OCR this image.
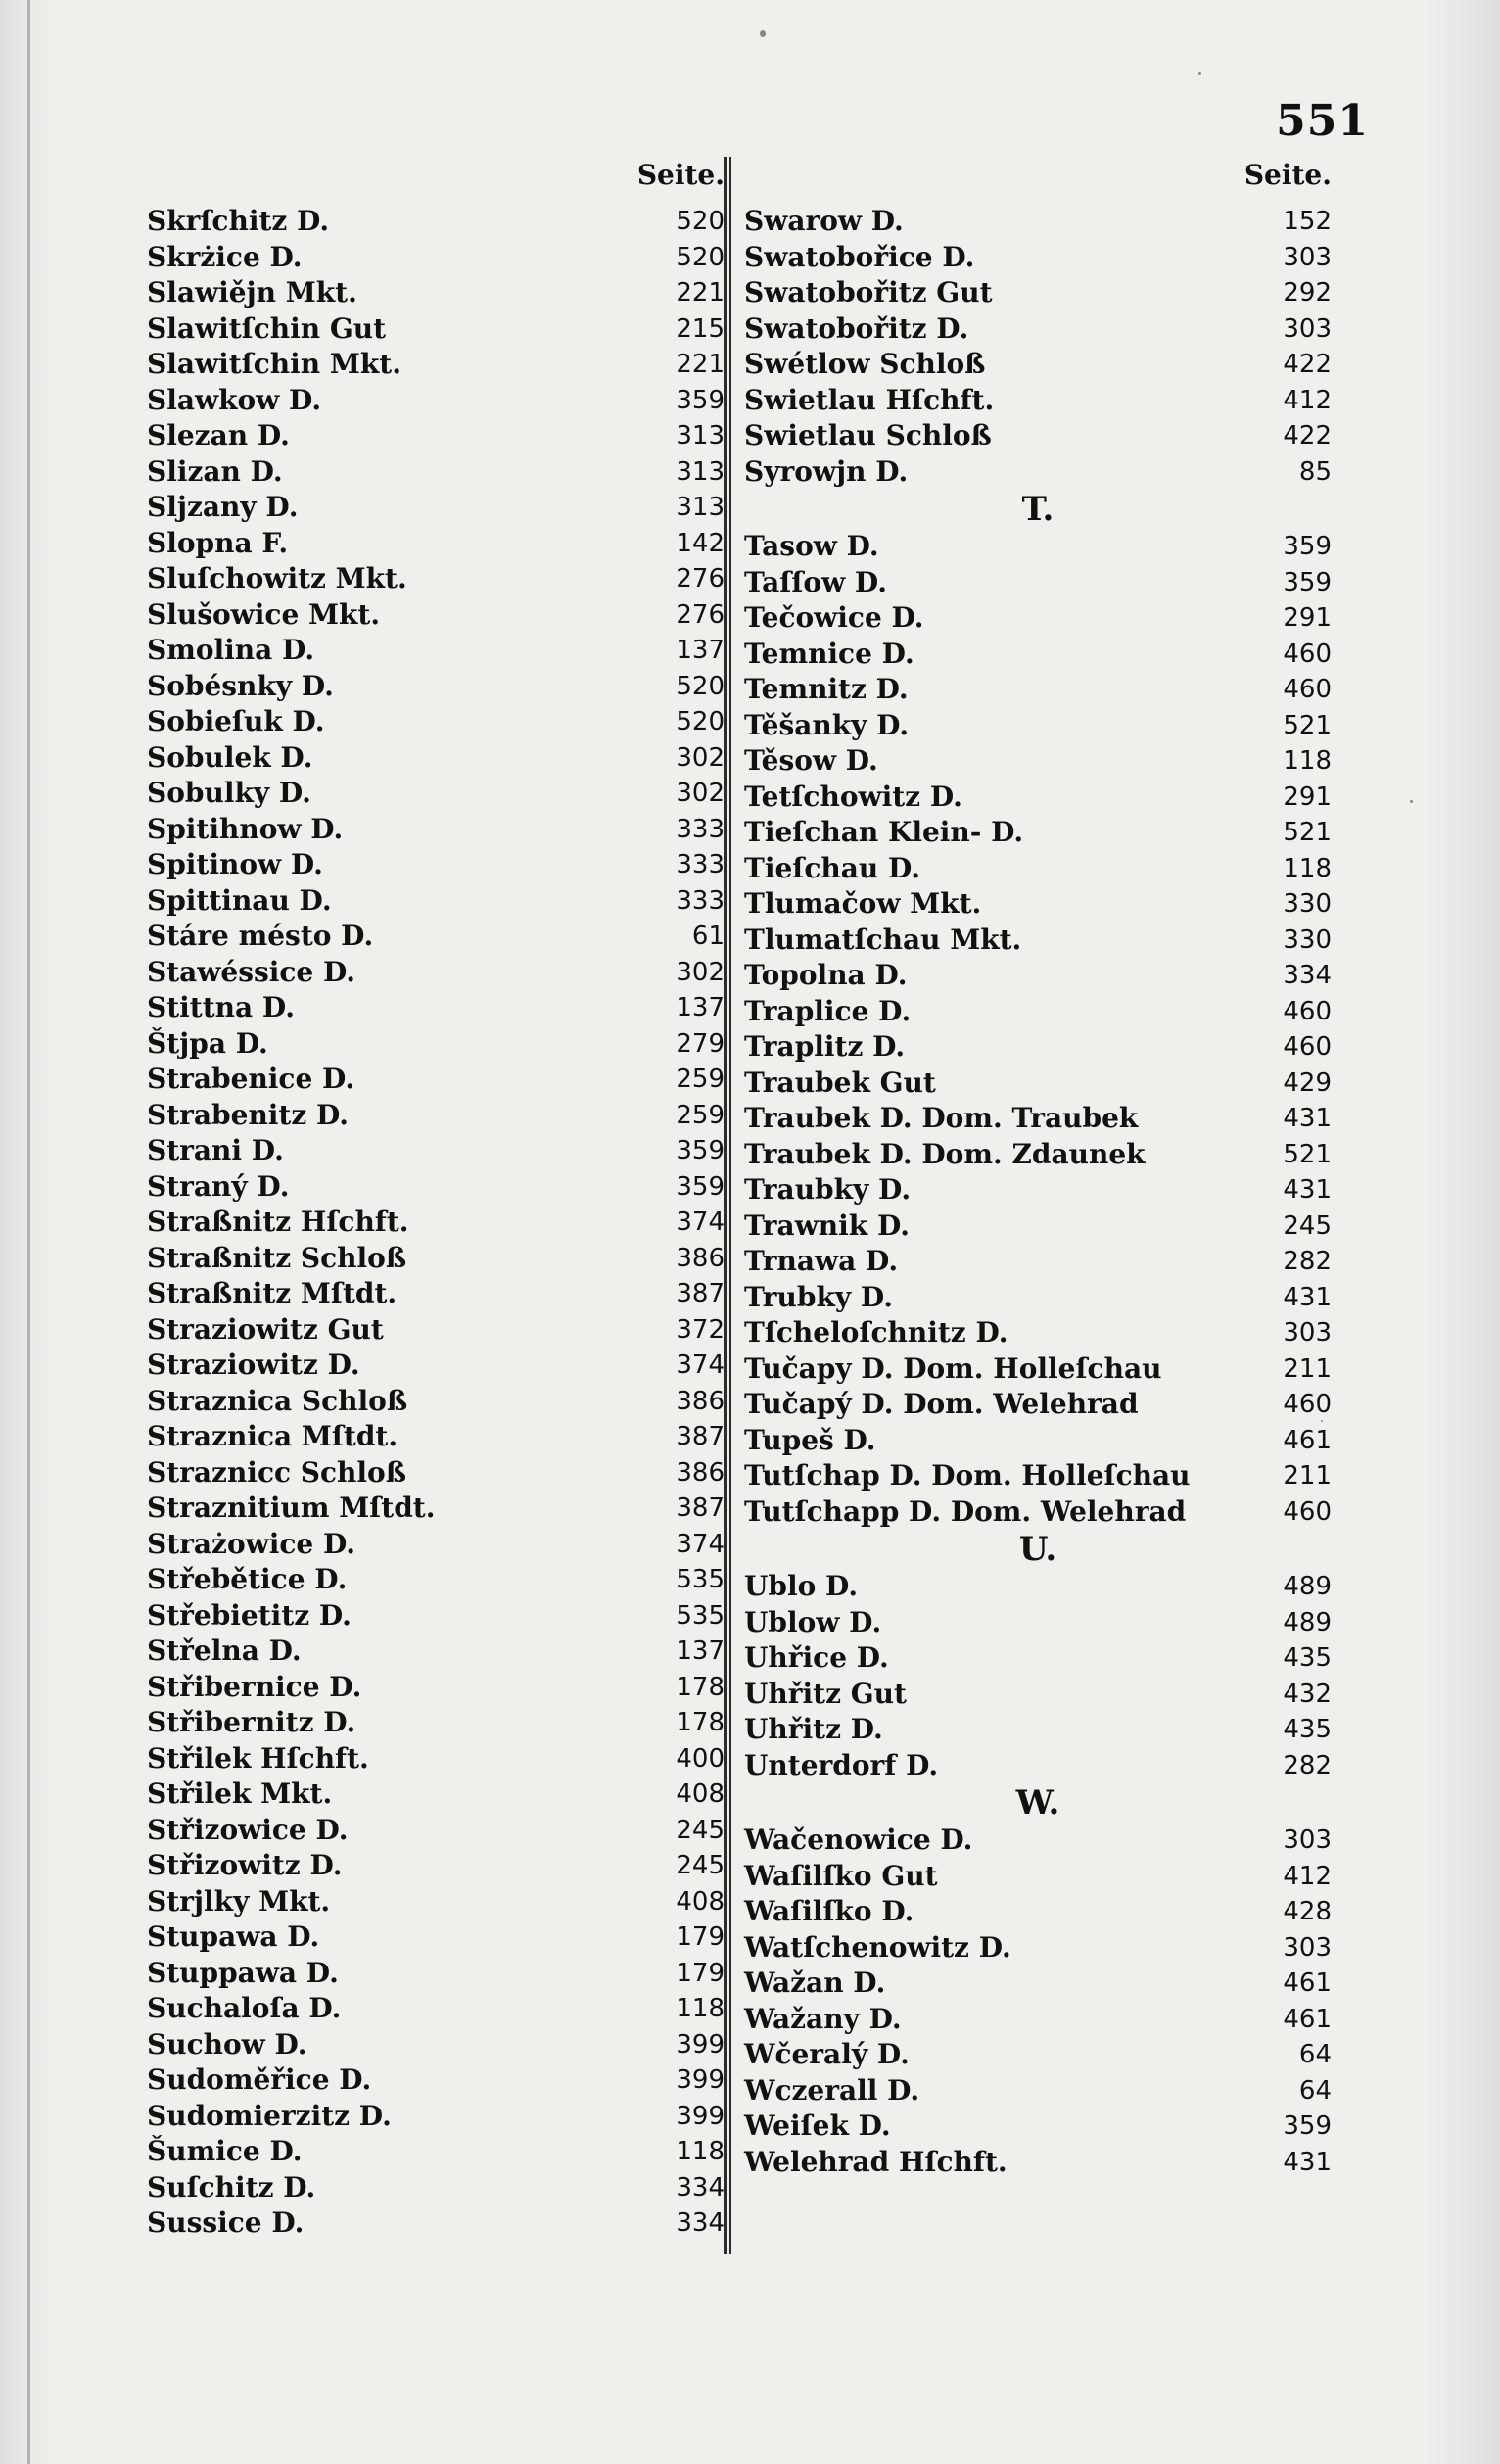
551
Seite.
Skrſchitz D.	520
Skrżice D.	520
Slawiějn Mkt.	221
Slawitſchin Gut	215
Slawitſchin Mkt.	221
Slawkow D.	359
Slezan D.	313
Slizan D.	313
Sljzany D.	313
Slopna F.	142
Sluſchowitz Mkt.	276
Slušowice Mkt.	276
Smolina D.	137
Sobésnky D.	520
Sobieſuk D.	520
Sobulek D.	302
Sobulky D.	302
Spitihnow D.	333
Spitinow D.	333
Spittinau D.	333
Stáre mésto D.	61
Stawéssice D.	302
Stittna D.	137
Štjpa D.	279
Strabenice D.	259
Strabenitz D.	259
Strani D.	359
Straný D.	359
Straßnitz Hſchft.	374
Straßnitz Schloß	386
Straßnitz Mſtdt.	387
Straziowitz Gut	372
Straziowitz D.	374
Straznica Schloß	386
Straznica Mſtdt.	387
Straznicc Schloß	386
Straznitium Mſtdt.	387
Strażowice D.	374
Střebětice D.	535
Střebietitz D.	535
Střelna D.	137
Střibernice D.	178
Střibernitz D.	178
Střilek Hſchft.	400
Střilek Mkt.	408
Střizowice D.	245
Střizowitz D.	245
Strjlky Mkt.	408
Stupawa D.	179
Stuppawa D.	179
Suchaloſa D.	118
Suchow D.	399
Sudoměřice D.	399
Sudomierzitz D.	399
Šumice D.	118
Suſchitz D.	334
Sussice D.	334
Seite.
Swarow D.	152
Swatobořice D.	303
Swatobořitz Gut	292
Swatobořitz D.	303
Swétlow Schloß	422
Swietlau Hſchft.	412
Swietlau Schloß	422
Syrowjn D.	85
T.
Tasow D.	359
Taſſow D.	359
Tečowice D.	291
Temnice D.	460
Temnitz D.	460
Těšanky D.	521
Těsow D.	118
Tetſchowitz D.	291
Tieſchan Klein- D.	521
Tieſchau D.	118
Tlumačow Mkt.	330
Tlumatſchau Mkt.	330
Topolna D.	334
Traplice D.	460
Traplitz D.	460
Traubek Gut	429
Traubek D. Dom. Traubek	431
Traubek D. Dom. Zdaunek	521
Traubky D.	431
Trawnik D.	245
Trnawa D.	282
Trubky D.	431
Tſcheloſchnitz D.	303
Tučapy D. Dom. Holleſchau	211
Tučapý D. Dom. Welehrad	460
Tupeš D.	461
Tutſchap D. Dom. Holleſchau	211
Tutſchapp D. Dom. Welehrad	460
U.
Ublo D.	489
Ublow D.	489
Uhřice D.	435
Uhřitz Gut	432
Uhřitz D.	435
Unterdorf D.	282
W.
Wačenowice D.	303
Waſilſko Gut	412
Waſilſko D.	428
Watſchenowitz D.	303
Wažan D.	461
Wažany D.	461
Wčeralý D.	64
Wczerall D.	64
Weiſek D.	359
Welehrad Hſchft.	431
